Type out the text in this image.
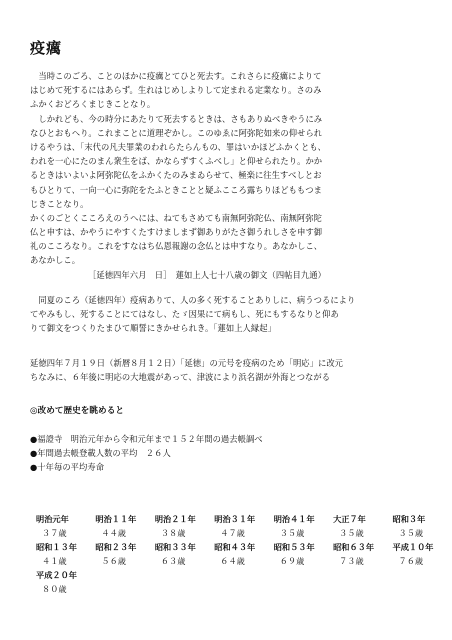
疫癘
　当時このごろ、ことのほかに疫癘とてひと死去す。これさらに疫癘によりて
はじめて死するにはあらず。生れはじめしよりして定まれる定業なり。さのみ
ふかくおどろくまじきことなり。
　しかれども、今の時分にあたりて死去するときは、さもありぬべきやうにみ
なひとおもへり。これまことに道理ぞかし。このゆゑに阿弥陀如来の仰せられ
けるやうは、「末代の凡夫罪業のわれらたらんもの、罪はいかほどふかくとも、
われを一心にたのまん衆生をば、かならずすくふべし」と仰せられたり。かか
るときはいよいよ阿弥陀仏をふかくたのみまゐらせて、極楽に往生すべしとお
もひとりて、一向一心に弥陀をたふときことと疑ふこころ露ちりほどももつま
じきことなり。
かくのごとくこころえのうへには、ねてもさめても南無阿弥陀仏、南無阿弥陀
仏と申すは、かやうにやすくたすけましまず御ありがたさ御うれしさを申す御
礼のこころなり。これをすなはち仏恩報謝の念仏とは申すなり。あなかしこ、
あなかしこ。
［延徳四年六月　日］　蓮如上人七十八歳の御文（四帖目九通）
　同夏のころ（延徳四年）疫病ありて、人の多く死することありしに、病うつるにより
てやみもし、死することにてはなし、たゞ因果にて病もし、死にもするなりと仰あ
りて御文をつくりたまひて順誓にきかせられき。「蓮如上人縁起」
延徳四年７月１９日（新暦８月１２日）「延徳」の元号を疫病のため「明応」に改元
ちなみに、６年後に明応の大地震があって、津波により浜名湖が外海とつながる
◎改めて歴史を眺めると
●福證寺　明治元年から令和元年まで１５２年間の過去帳調べ
●年間過去帳登載人数の平均　２６人
●十年毎の平均寿命
明治元年	明治１１年	明治２１年	明治３１年	明治４１年	大正７年	昭和３年
３７歳	４４歳	３８歳	４７歳	３５歳	３５歳	３５歳
昭和１３年	昭和２３年	昭和３３年	昭和４３年	昭和５３年	昭和６３年	平成１０年
４１歳	５６歳	６３歳	６４歳	６９歳	７３歳	７６歳
平成２０年						
８０歳						
